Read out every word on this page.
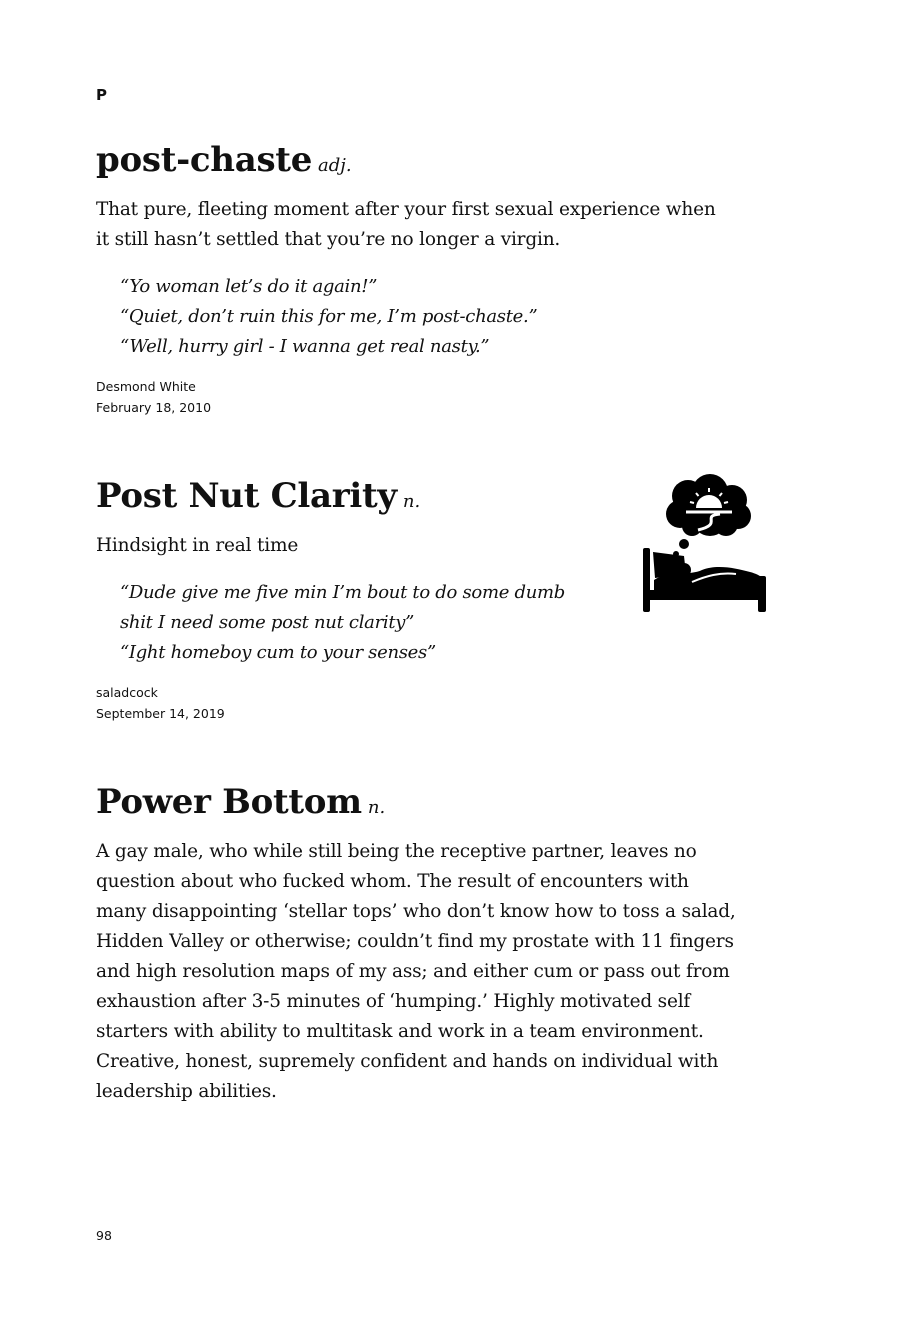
P

post-chaste adj.

That pure, fleeting moment after your first sexual experience when
it still hasn’t settled that you’re no longer a virgin.
“Yo woman let’s do it again!”
“Quiet, don’t ruin this for me, I’m post-chaste.”
“Well, hurry girl - I wanna get real nasty.”
Desmond White
February 18, 2010

Post Nut Clarity n.

Hindsight in real time
“Dude give me five min I’m bout to do some dumb
shit I need some post nut clarity”
“Ight homeboy cum to your senses”
saladcock
September 14, 2019

Power Bottom n.

A gay male, who while still being the receptive partner, leaves no
question about who fucked whom. The result of encounters with
many disappointing ‘stellar tops’ who don’t know how to toss a salad,
Hidden Valley or otherwise; couldn’t find my prostate with 11 fingers
and high resolution maps of my ass; and either cum or pass out from
exhaustion after 3-5 minutes of ‘humping.’ Highly motivated self
starters with ability to multitask and work in a team environment.
Creative, honest, supremely confident and hands on individual with
leadership abilities.
98
